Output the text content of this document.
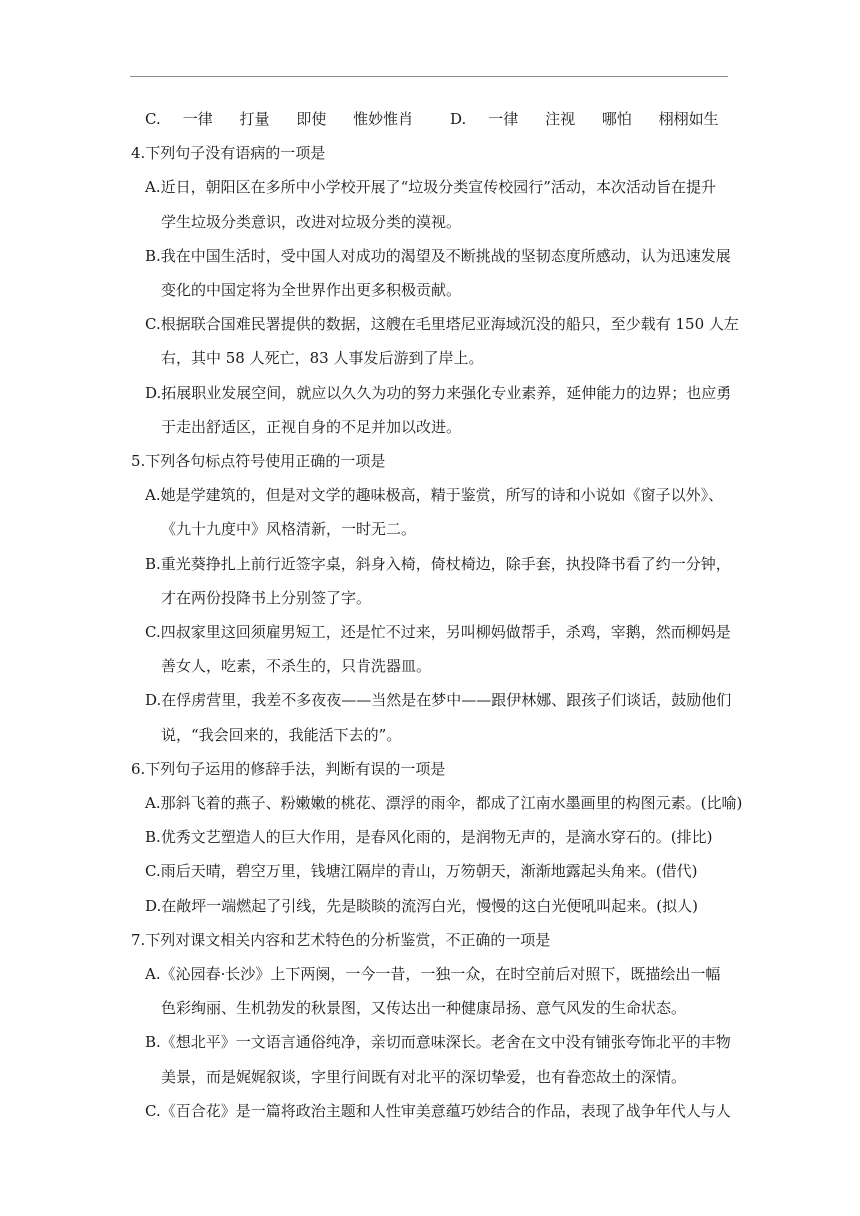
C. 一律 打量 即使 惟妙惟肖	D. 一律 注视 哪怕 栩栩如生
4.下列句子没有语病的一项是
A.近日，朝阳区在多所中小学校开展了“垃圾分类宣传校园行”活动，本次活动旨在提升
学生垃圾分类意识，改进对垃圾分类的漠视。
B.我在中国生活时，受中国人对成功的渴望及不断挑战的坚韧态度所感动，认为迅速发展
变化的中国定将为全世界作出更多积极贡献。
C.根据联合国难民署提供的数据，这艘在毛里塔尼亚海域沉没的船只，至少载有 150 人左
右，其中 58 人死亡，83 人事发后游到了岸上。
D.拓展职业发展空间，就应以久久为功的努力来强化专业素养，延伸能力的边界；也应勇
于走出舒适区，正视自身的不足并加以改进。
5.下列各句标点符号使用正确的一项是
A.她是学建筑的，但是对文学的趣味极高，精于鉴赏，所写的诗和小说如《窗子以外》、
《九十九度中》风格清新，一时无二。
B.重光葵挣扎上前行近签字桌，斜身入椅，倚杖椅边，除手套，执投降书看了约一分钟，
才在两份投降书上分别签了字。
C.四叔家里这回须雇男短工，还是忙不过来，另叫柳妈做帮手，杀鸡，宰鹅，然而柳妈是
善女人，吃素，不杀生的，只肯洗器皿。
D.在俘虏营里，我差不多夜夜——当然是在梦中——跟伊林娜、跟孩子们谈话，鼓励他们
说，“我会回来的，我能活下去的”。
6.下列句子运用的修辞手法，判断有误的一项是
A.那斜飞着的燕子、粉嫩嫩的桃花、漂浮的雨伞，都成了江南水墨画里的构图元素。(比喻)
B.优秀文艺塑造人的巨大作用，是春风化雨的，是润物无声的，是滴水穿石的。(排比)
C.雨后天晴，碧空万里，钱塘江隔岸的青山，万笏朝天，渐渐地露起头角来。(借代)
D.在敞坪一端燃起了引线，先是睒睒的流泻白光，慢慢的这白光便吼叫起来。(拟人)
7.下列对课文相关内容和艺术特色的分析鉴赏，不正确的一项是
A.《沁园春·长沙》上下两阕，一今一昔，一独一众，在时空前后对照下，既描绘出一幅
色彩绚丽、生机勃发的秋景图，又传达出一种健康昂扬、意气风发的生命状态。
B.《想北平》一文语言通俗纯净，亲切而意味深长。老舍在文中没有铺张夸饰北平的丰物
美景，而是娓娓叙谈，字里行间既有对北平的深切挚爱，也有眷恋故土的深情。
C.《百合花》是一篇将政治主题和人性审美意蕴巧妙结合的作品，表现了战争年代人与人
